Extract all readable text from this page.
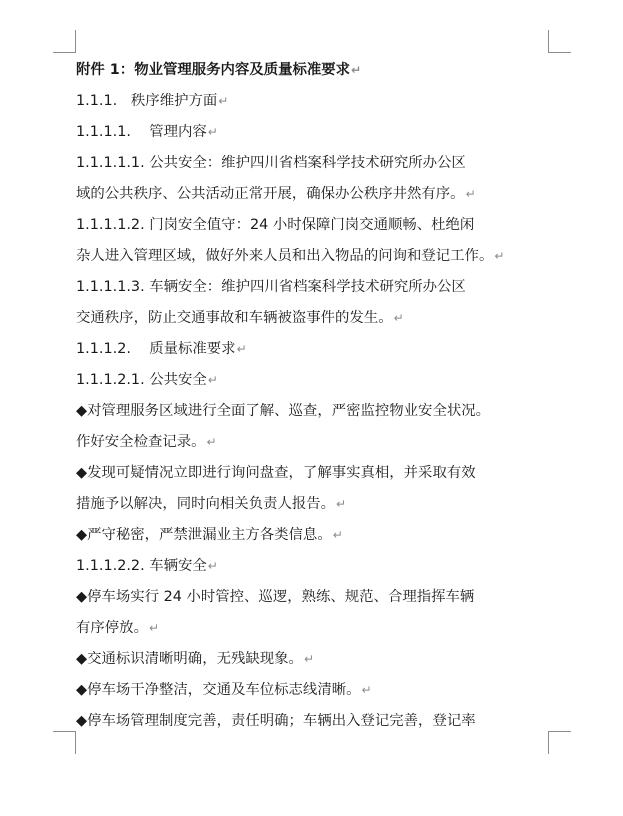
附件 1：物业管理服务内容及质量标准要求↵
1.1.1.   秩序维护方面↵
1.1.1.1.    管理内容↵
1.1.1.1.1. 公共安全：维护四川省档案科学技术研究所办公区
域的公共秩序、公共活动正常开展，确保办公秩序井然有序。↵
1.1.1.1.2. 门岗安全值守：24 小时保障门岗交通顺畅、杜绝闲
杂人进入管理区域，做好外来人员和出入物品的问询和登记工作。↵
1.1.1.1.3. 车辆安全：维护四川省档案科学技术研究所办公区
交通秩序，防止交通事故和车辆被盗事件的发生。↵
1.1.1.2.    质量标准要求↵
1.1.1.2.1. 公共安全↵
◆对管理服务区域进行全面了解、巡查，严密监控物业安全状况。
作好安全检查记录。↵
◆发现可疑情况立即进行询问盘查，了解事实真相，并采取有效
措施予以解决，同时向相关负责人报告。↵
◆严守秘密，严禁泄漏业主方各类信息。↵
1.1.1.2.2. 车辆安全↵
◆停车场实行 24 小时管控、巡逻，熟练、规范、合理指挥车辆
有序停放。↵
◆交通标识清晰明确，无残缺现象。↵
◆停车场干净整洁，交通及车位标志线清晰。↵
◆停车场管理制度完善，责任明确；车辆出入登记完善，登记率
